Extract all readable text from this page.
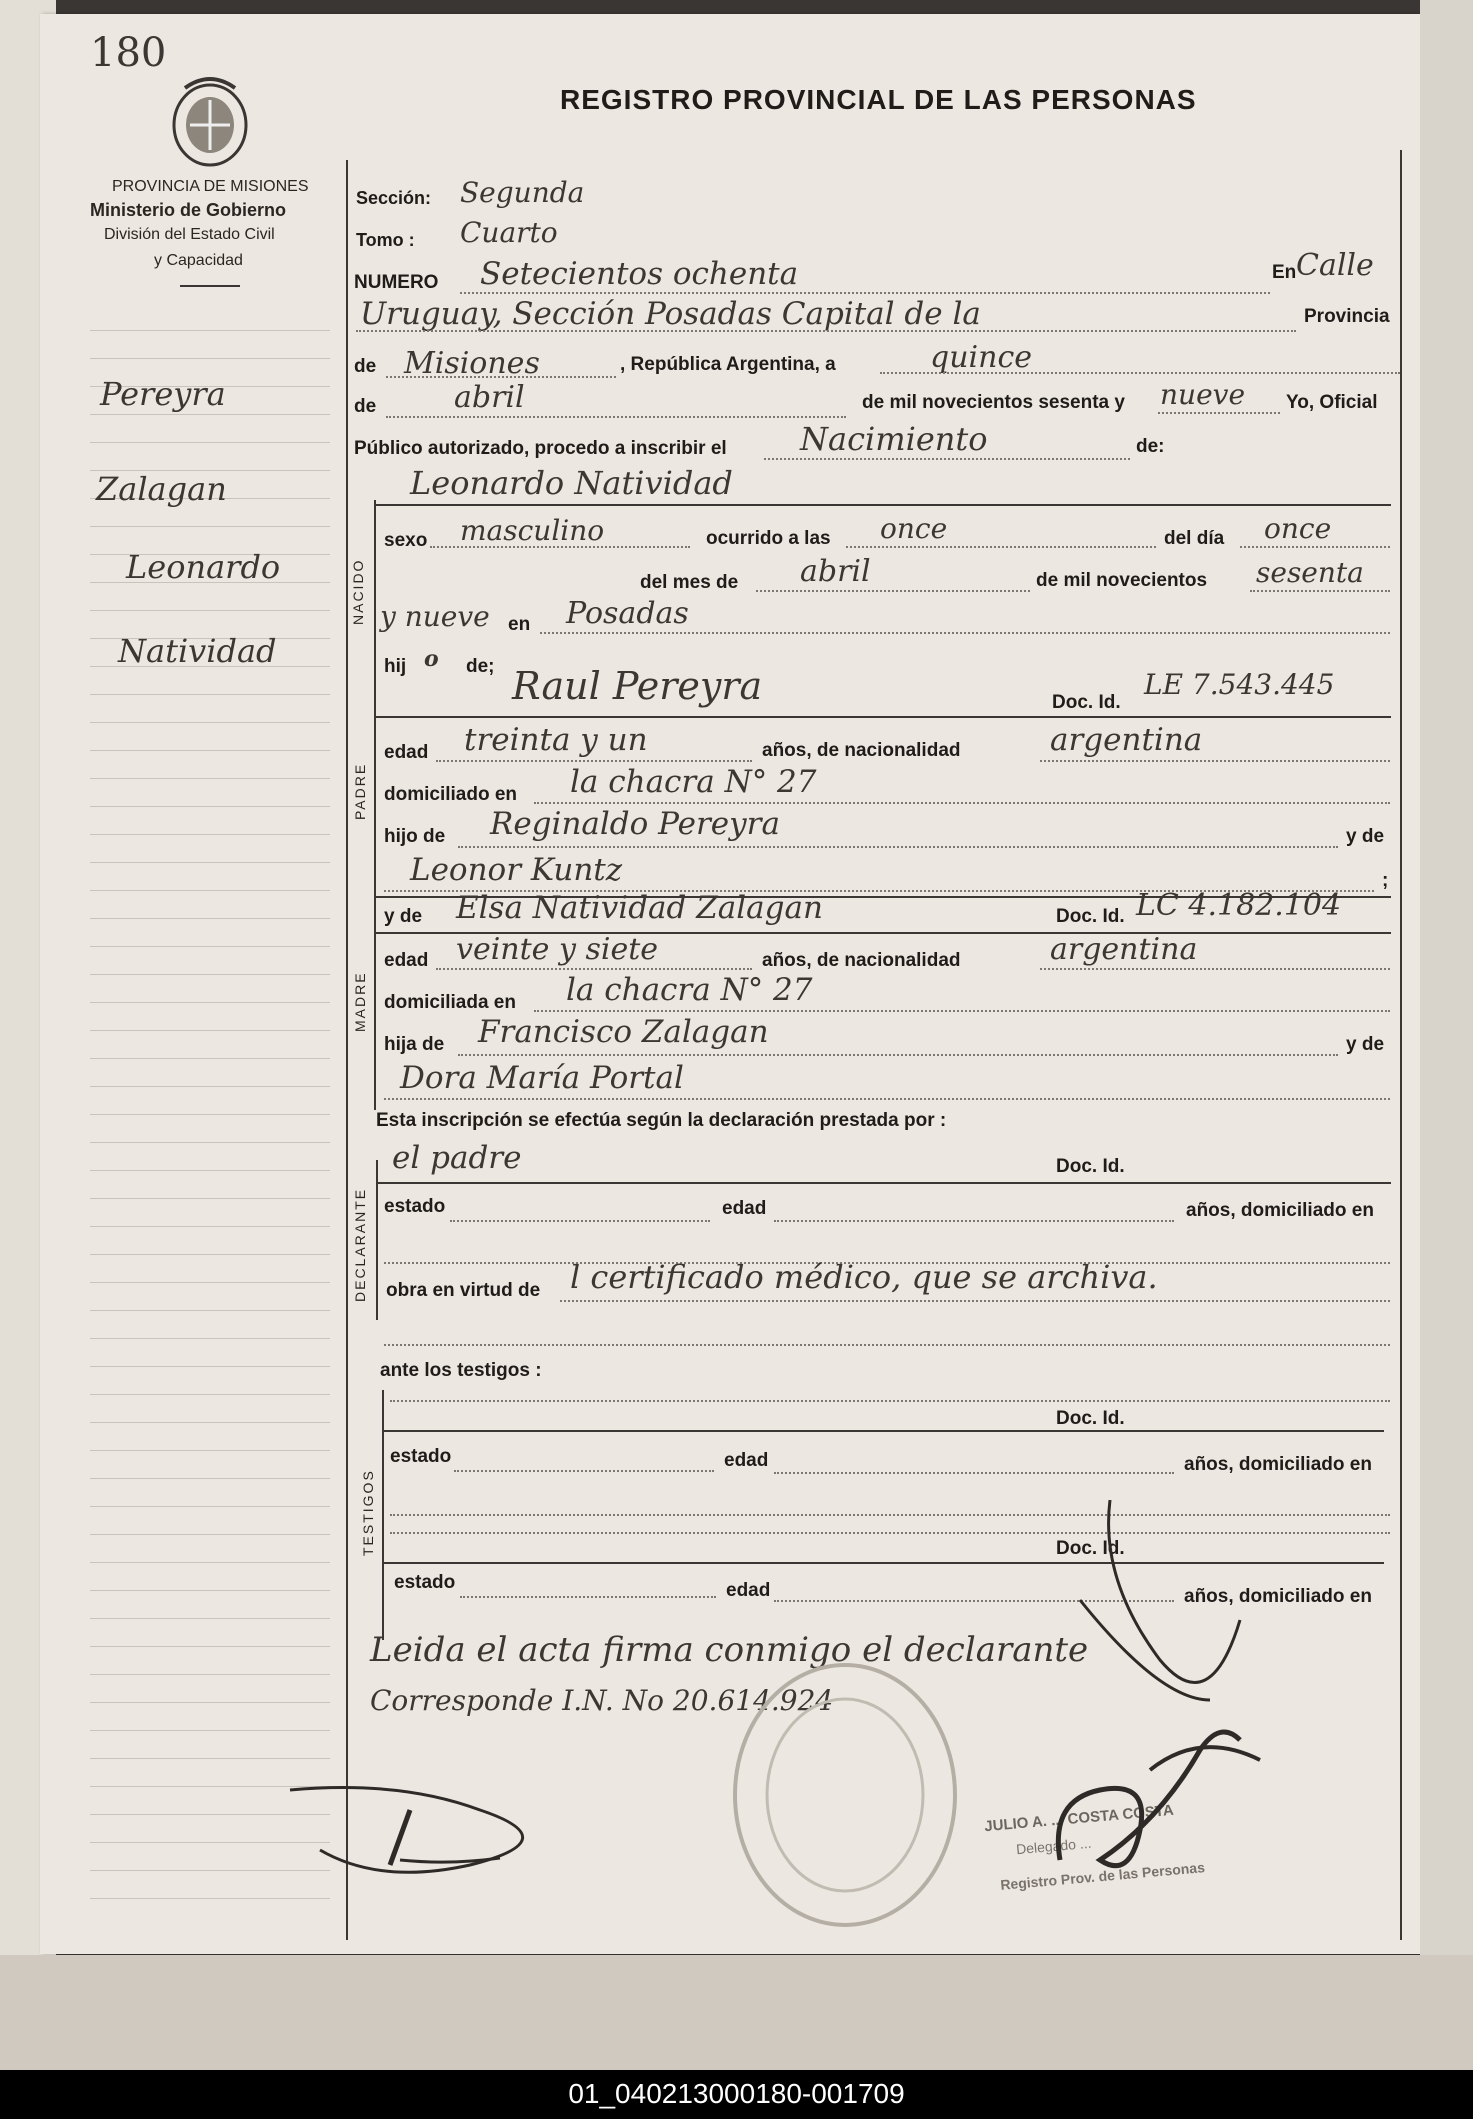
180
REGISTRO PROVINCIAL DE LAS PERSONAS
PROVINCIA DE MISIONES
Ministerio de Gobierno
División del Estado Civil
y Capacidad
Pereyra
Zalagan
Leonardo
Natividad
Sección: Segunda
Tomo : Cuarto
NUMERO Setecientos ochenta	En Calle
Uruguay, Sección Posadas Capital de la	Provincia
de Misiones	, República Argentina, a	quince
de	abril	de mil novecientos sesenta y nueve Yo, Oficial
Público autorizado, procedo a inscribir el Nacimiento	de:
Leonardo Natividad
NACIDO
sexo masculino	ocurrido a las once	del día once
del mes de abril	de mil novecientos sesenta
y nueve en Posadas
hij o de; Raul Pereyra	Doc. Id.
LE 7.543.445
PADRE
edad treinta y un	años, de nacionalidad	argentina
domiciliado en la chacra N° 27
hijo de Reginaldo Pereyra	y de
Leonor Kuntz	;
y de Elsa Natividad Zalagan	Doc. Id. LC 4.182.104
MADRE
edad veinte y siete	años, de nacionalidad	argentina
domiciliada en la chacra N° 27
hija de Francisco Zalagan	y de
Dora María Portal
Esta inscripción se efectúa según la declaración prestada por :
el padre	Doc. Id.
DECLARANTE estado	edad	años, domiciliado en
obra en virtud de l certificado médico, que se archiva.
ante los testigos :
Doc. Id.
estado	edad	años, domiciliado en
TESTIGOS	Doc. Id.
estado	edad	años, domiciliado en
Leida el acta firma conmigo el declarante
Corresponde I.N. No 20.614.924
JULIO A. ... COSTA COSTA
Delegado ...
Registro Prov. de las Personas
01_040213000180-001709
